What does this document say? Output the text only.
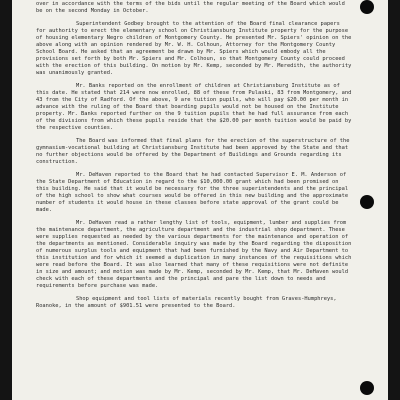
over in accordance with the terms of the bids until the regular meeting of the Board which would be on the second Monday in October.

Superintendent Godbey brought to the attention of the Board final clearance papers for authority to erect the elementary school on Christiansburg Institute property for the purpose of housing elementary Negro children of Montgomery County. He presented Mr. Spiers' opinion on the above along with an opinion rendered by Mr. W. H. Colhoun, Attorney for the Montgomery County School Board. He asked that an agreement be drawn by Mr. Spiers which would embody all the provisions set forth by both Mr. Spiers and Mr. Colhoun, so that Montgomery County could proceed with the erection of this building. On motion by Mr. Kemp, seconded by Mr. Meredith, the authority was unanimously granted.

Mr. Banks reported on the enrollment of children at Christiansburg Institute as of this date. He stated that 214 were now enrolled, 88 of these from Pulaski, 83 from Montgomery, and 43 from the City of Radford. Of the above, 9 are tuition pupils, who will pay $20.00 per month in advance with the ruling of the Board that boarding pupils would not be housed on the Institute property. Mr. Banks reported further on the 9 tuition pupils that he had full assurance from each of the divisions from which these pupils reside that the $20.00 per month tuition would be paid by the respective counties.

The Board was informed that final plans for the erection of the superstructure of the gymnasium-vocational building at Christiansburg Institute had been approved by the State and that no further objections would be offered by the Department of Buildings and Grounds regarding its construction.

Mr. DeHaven reported to the Board that he had contacted Supervisor E. M. Anderson of the State Department of Education in regard to the $10,000.00 grant which had been promised on this building. He said that it would be necessary for the three superintendents and the principal of the high school to show what courses would be offered in this new building and the approximate number of students it would house in these classes before state approval of the grant could be made.

Mr. DeHaven read a rather lengthy list of tools, equipment, lumber and supplies from the maintenance department, the agriculture department and the industrial shop department. These were supplies requested as needed by the various departments for the maintenance and operation of the departments as mentioned. Considerable inquiry was made by the Board regarding the disposition of numerous surplus tools and equipment that had been furnished by the Navy and Air Department to this institution and for which it seemed a duplication in many instances of the requisitions which were read before the Board. It was also learned that many of these requisitions were not definite in size and amount; and motion was made by Mr. Kemp, seconded by Mr. Kemp, that Mr. DeHaven would check with each of these departments and the principal and pare the list down to needs and requirements before purchase was made.

Shop equipment and tool lists of materials recently bought from Graves-Humphreys, Roanoke, in the amount of $901.51 were presented to the Board.
